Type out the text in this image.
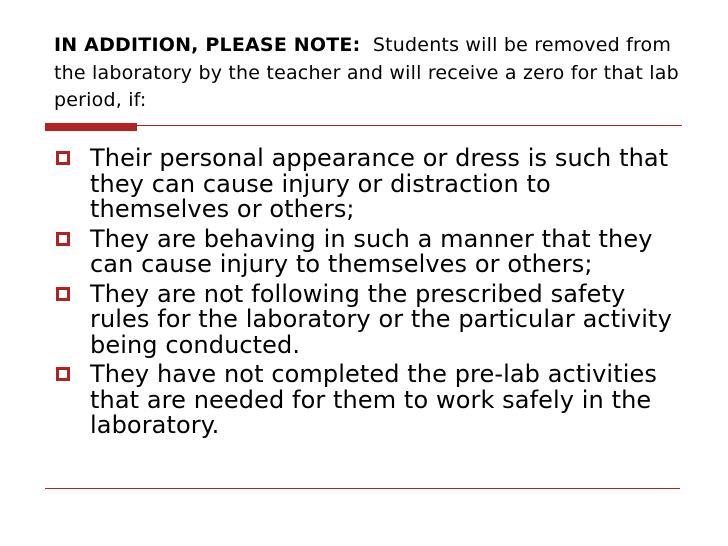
IN ADDITION, PLEASE NOTE: Students will be removed from the laboratory by the teacher and will receive a zero for that lab period, if:
Their personal appearance or dress is such that they can cause injury or distraction to themselves or others;
They are behaving in such a manner that they can cause injury to themselves or others;
They are not following the prescribed safety rules for the laboratory or the particular activity being conducted.
They have not completed the pre-lab activities that are needed for them to work safely in the laboratory.
